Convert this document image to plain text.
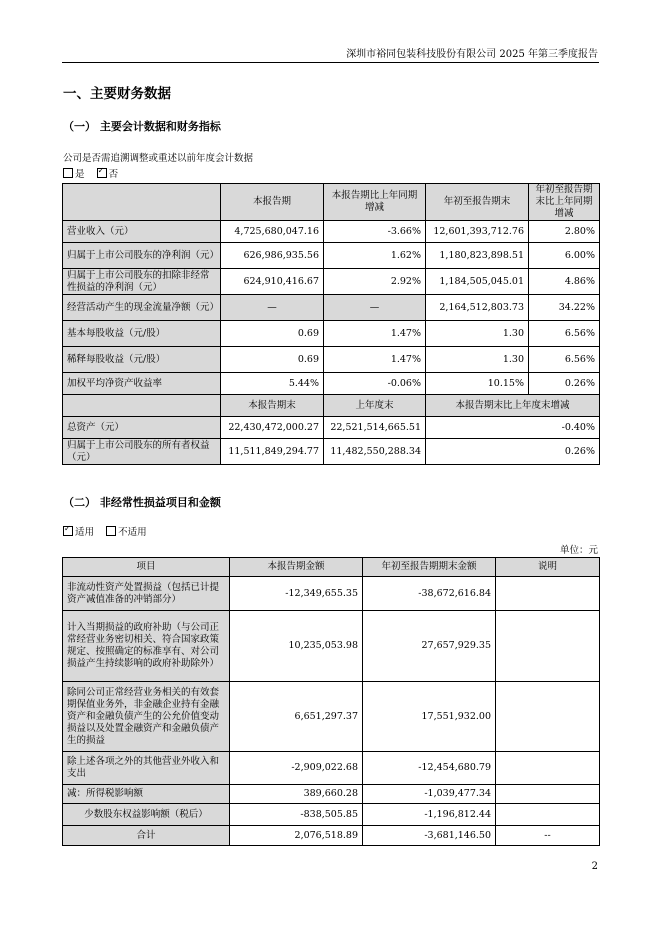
深圳市裕同包装科技股份有限公司 2025 年第三季度报告
一、主要财务数据
（一） 主要会计数据和财务指标
公司是否需追溯调整或重述以前年度会计数据
是 ✓	否
	本报告期	本报告期比上年同期增减	年初至报告期末	年初至报告期末比上年同期增减
营业收入（元）	4,725,680,047.16	-3.66%	12,601,393,712.76	2.80%
归属于上市公司股东的净利润（元）	626,986,935.56	1.62%	1,180,823,898.51	6.00%
归属于上市公司股东的扣除非经常性损益的净利润（元）	624,910,416.67	2.92%	1,184,505,045.01	4.86%
经营活动产生的现金流量净额（元）	—	—	2,164,512,803.73	34.22%
基本每股收益（元/股）	0.69	1.47%	1.30	6.56%
稀释每股收益（元/股）	0.69	1.47%	1.30	6.56%
加权平均净资产收益率	5.44%	-0.06%	10.15%	0.26%
	本报告期末	上年度末	本报告期末比上年度末增减	
总资产（元）	22,430,472,000.27	22,521,514,665.51	-0.40%	
归属于上市公司股东的所有者权益（元）	11,511,849,294.77	11,482,550,288.34	0.26%	
（二） 非经常性损益项目和金额
✓适用	不适用
单位：元
项目	本报告期金额	年初至报告期期末金额	说明
非流动性资产处置损益（包括已计提资产减值准备的冲销部分）	-12,349,655.35	-38,672,616.84	
计入当期损益的政府补助（与公司正常经营业务密切相关、符合国家政策规定、按照确定的标准享有、对公司损益产生持续影响的政府补助除外）	10,235,053.98	27,657,929.35	
除同公司正常经营业务相关的有效套期保值业务外，非金融企业持有金融资产和金融负债产生的公允价值变动损益以及处置金融资产和金融负债产生的损益	6,651,297.37	17,551,932.00	
除上述各项之外的其他营业外收入和支出	-2,909,022.68	-12,454,680.79	
减：所得税影响额	389,660.28	-1,039,477.34	
少数股东权益影响额（税后）	-838,505.85	-1,196,812.44	
合计	2,076,518.89	-3,681,146.50	--
2
